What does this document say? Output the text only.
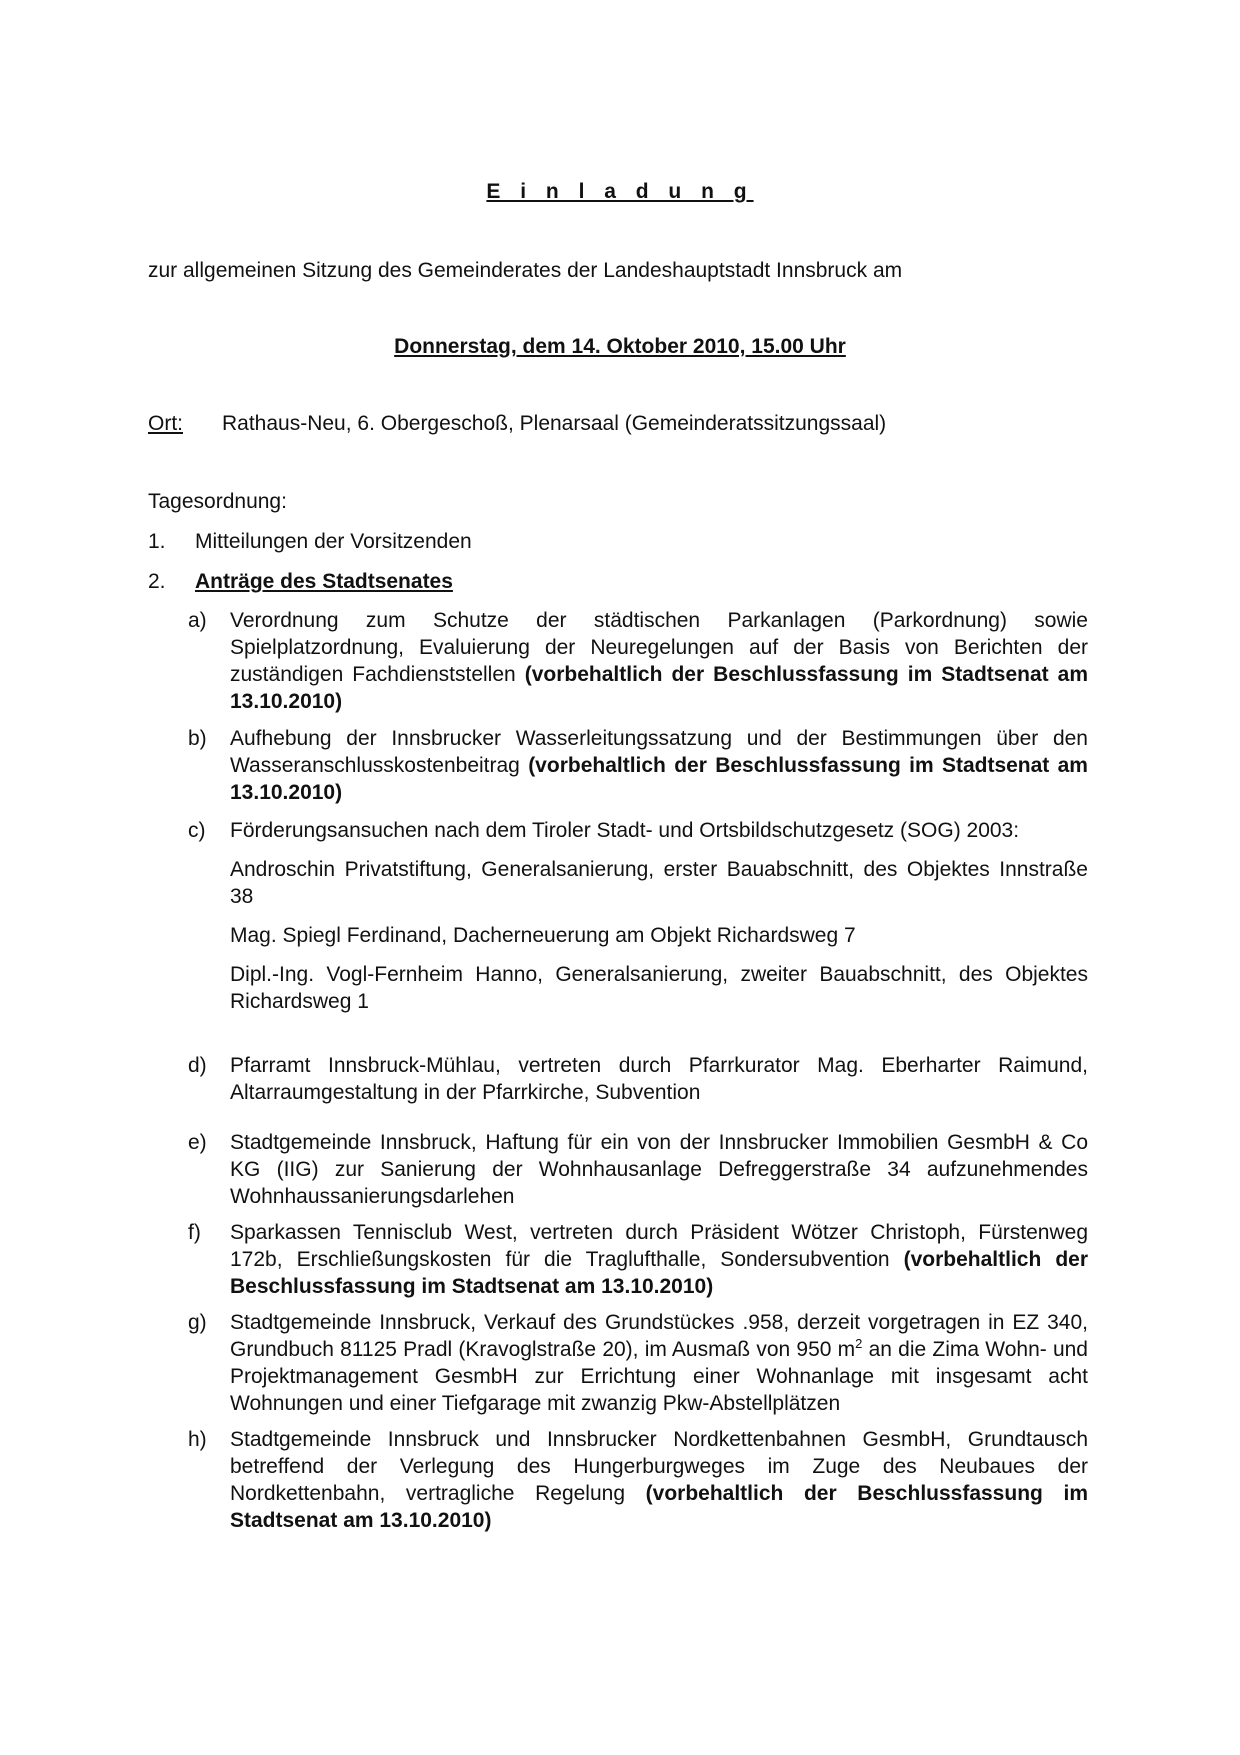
E i n l a d u n g
zur allgemeinen Sitzung des Gemeinderates der Landeshauptstadt Innsbruck am
Donnerstag, dem 14. Oktober 2010, 15.00 Uhr
Ort: Rathaus-Neu, 6. Obergeschoß, Plenarsaal (Gemeinderatssitzungssaal)
Tagesordnung:
1. Mitteilungen der Vorsitzenden
2. Anträge des Stadtsenates
a) Verordnung zum Schutze der städtischen Parkanlagen (Parkordnung) sowie Spielplatzordnung, Evaluierung der Neuregelungen auf der Basis von Berichten der zuständigen Fachdienststellen (vorbehaltlich der Beschlussfassung im Stadtsenat am 13.10.2010)

b) Aufhebung der Innsbrucker Wasserleitungssatzung und der Bestimmungen über den Wasseranschlusskostenbeitrag (vorbehaltlich der Beschlussfassung im Stadtsenat am 13.10.2010)

c) Förderungsansuchen nach dem Tiroler Stadt- und Ortsbildschutzgesetz (SOG) 2003:

Androschin Privatstiftung, Generalsanierung, erster Bauabschnitt, des Objektes Innstraße 38

Mag. Spiegl Ferdinand, Dacherneuerung am Objekt Richardsweg 7

Dipl.-Ing. Vogl-Fernheim Hanno, Generalsanierung, zweiter Bauabschnitt, des Objektes Richardsweg 1

d) Pfarramt Innsbruck-Mühlau, vertreten durch Pfarrkurator Mag. Eberharter Raimund, Altarraumgestaltung in der Pfarrkirche, Subvention

e) Stadtgemeinde Innsbruck, Haftung für ein von der Innsbrucker Immobilien GesmbH & Co KG (IIG) zur Sanierung der Wohnhausanlage Defreggerstraße 34 aufzunehmendes Wohnhaussanierungsdarlehen

f) Sparkassen Tennisclub West, vertreten durch Präsident Wötzer Christoph, Fürstenweg 172b, Erschließungskosten für die Traglufthalle, Sondersubvention (vorbehaltlich der Beschlussfassung im Stadtsenat am 13.10.2010)

g) Stadtgemeinde Innsbruck, Verkauf des Grundstückes .958, derzeit vorgetragen in EZ 340, Grundbuch 81125 Pradl (Kravoglstraße 20), im Ausmaß von 950 $m^2$ an die Zima Wohn- und Projektmanagement GesmbH zur Errichtung einer Wohnanlage mit insgesamt acht Wohnungen und einer Tiefgarage mit zwanzig Pkw-Abstellplätzen

h) Stadtgemeinde Innsbruck und Innsbrucker Nordkettenbahnen GesmbH, Grundtausch betreffend der Verlegung des Hungerburgweges im Zuge des Neubaues der Nordkettenbahn, vertragliche Regelung (vorbehaltlich der Beschlussfassung im Stadtsenat am 13.10.2010)
